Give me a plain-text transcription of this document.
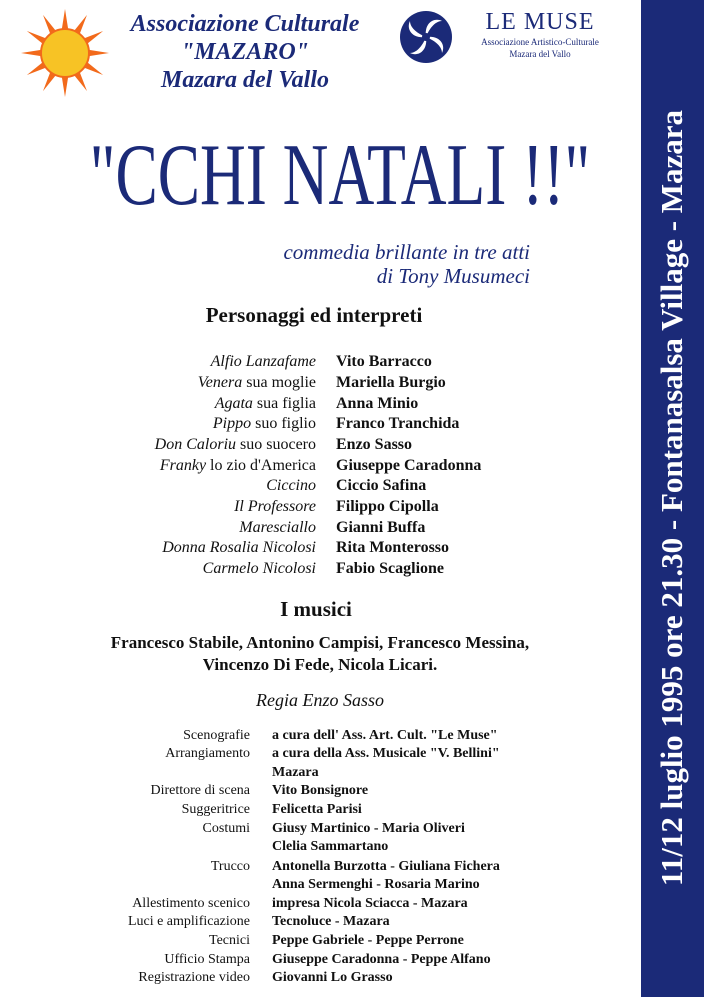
Associazione Culturale
"MAZARO"
Mazara del Vallo
LE MUSE
Associazione Artistico-Culturale
Mazara del Vallo
"CCHI NATALI !!"
commedia brillante in tre atti
di Tony Musumeci
Personaggi ed interpreti
Alfio Lanzafame Vito Barracco
Venera sua moglie Mariella Burgio
Agata sua figlia Anna Minio
Pippo suo figlio Franco Tranchida
Don Caloriu suo suocero Enzo Sasso
Franky lo zio d'America Giuseppe Caradonna
Ciccino Ciccio Safina
Il Professore Filippo Cipolla
Maresciallo Gianni Buffa
Donna Rosalia Nicolosi Rita Monterosso
Carmelo Nicolosi Fabio Scaglione
I musici
Francesco Stabile, Antonino Campisi, Francesco Messina,
Vincenzo Di Fede, Nicola Licari.
Regia Enzo Sasso
Scenografie a cura dell' Ass. Art. Cult. "Le Muse"
Arrangiamento a cura della Ass. Musicale "V. Bellini"
Mazara
Direttore di scena Vito Bonsignore
Suggeritrice Felicetta Parisi
Costumi Giusy Martinico - Maria Oliveri
Clelia Sammartano
Trucco Antonella Burzotta - Giuliana Fichera
Anna Sermenghi - Rosaria Marino
Allestimento scenico impresa Nicola Sciacca - Mazara
Luci e amplificazione Tecnoluce - Mazara
Tecnici Peppe Gabriele - Peppe Perrone
Ufficio Stampa Giuseppe Caradonna - Peppe Alfano
Registrazione video Giovanni Lo Grasso
11/12 luglio 1995 ore 21.30 - Fontanasalsa Village - Mazara
